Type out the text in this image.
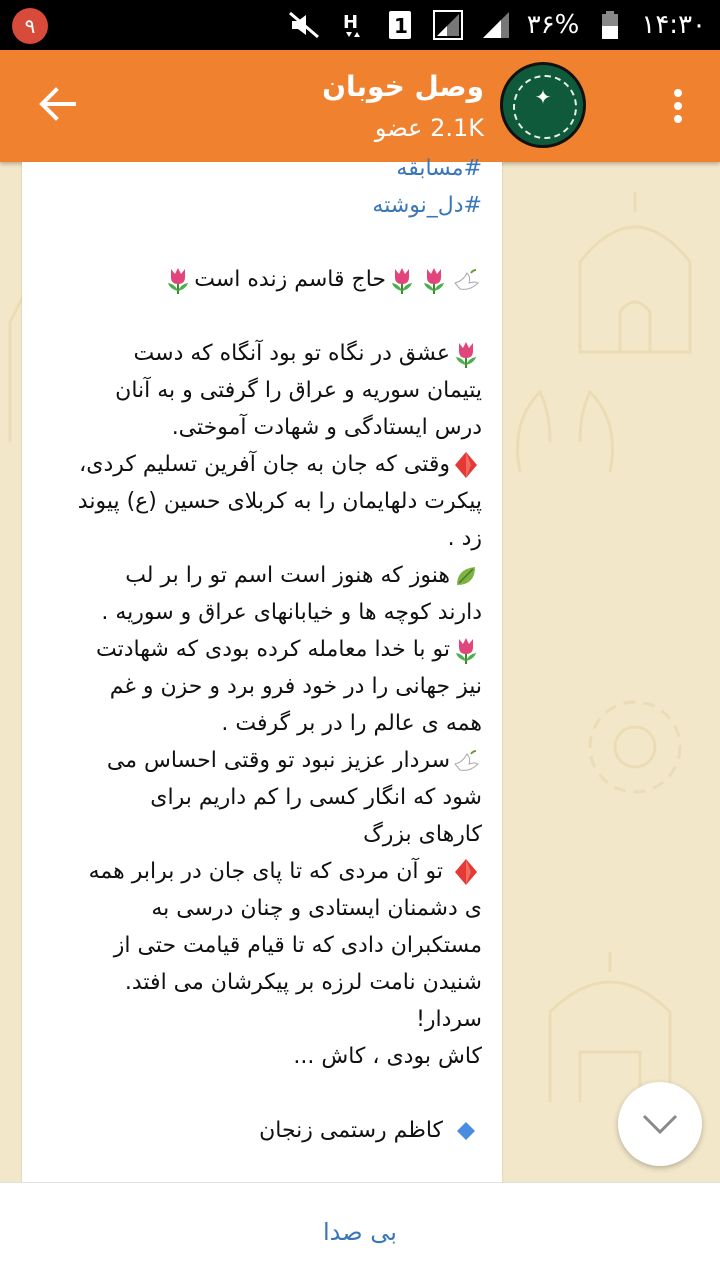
۹	H 1	۳۶% ۱۴:۳۰
✦
وصل خوبان
2.1K عضو
#مسابقه
#دل_نوشته
حاج قاسم زنده است
عشق در نگاه تو بود آنگاه که دست
یتیمان سوریه و عراق را گرفتی و به آنان
درس ایستادگی و شهادت آموختی.
وقتی که جان به جان آفرین تسلیم کردی،
پیکرت دلهایمان را به کربلای حسین (ع) پیوند
زد .
هنوز که هنوز است اسم تو را بر لب
دارند کوچه ها و خیابانهای عراق و سوریه .
تو با خدا معامله کرده بودی که شهادتت
نیز جهانی را در خود فرو برد و حزن و غم
همه ی عالم را در بر گرفت .
سردار عزیز نبود تو وقتی احساس می
شود که انگار کسی را کم داریم برای
کارهای بزرگ
تو آن مردی که تا پای جان در برابر همه
ی دشمنان ایستادی و چنان درسی به
مستکبران دادی که تا قیام قیامت حتی از
شنیدن نامت لرزه بر پیکرشان می افتد.
سردار!
کاش بودی ، کاش ...
کاظم رستمی زنجان
بی صدا
